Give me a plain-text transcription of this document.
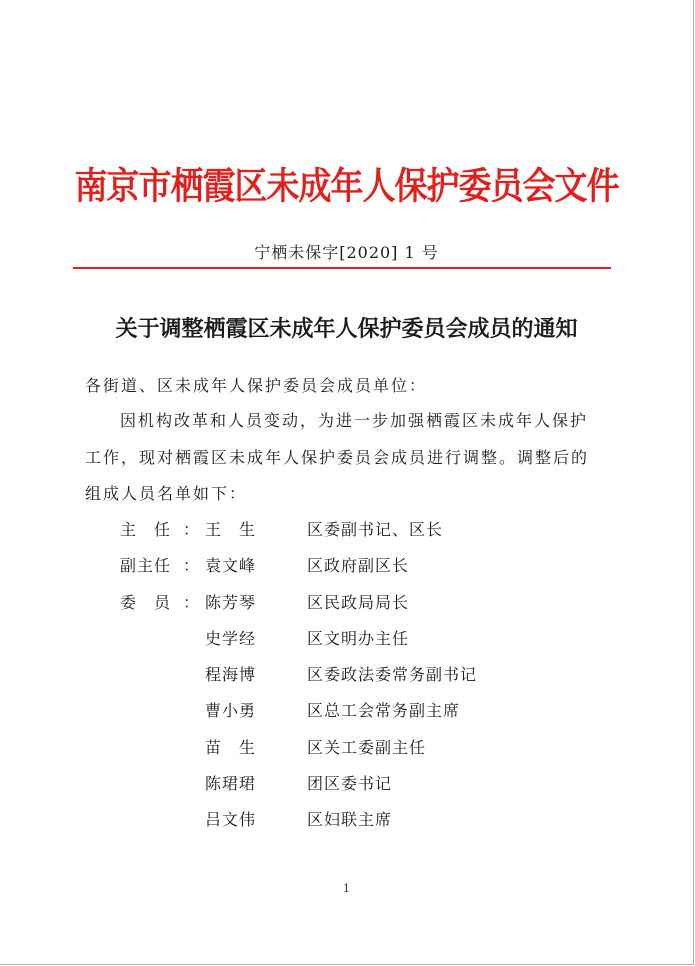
南京市栖霞区未成年人保护委员会文件
宁栖未保字[2020] 1 号
关于调整栖霞区未成年人保护委员会成员的通知
各街道、区未成年人保护委员会成员单位：
因机构改革和人员变动，为进一步加强栖霞区未成年人保护
工作，现对栖霞区未成年人保护委员会成员进行调整。调整后的
组成人员名单如下：
主　任 ： 王　生	区委副书记、区长
副主任 ： 袁文峰	区政府副区长
委　员 ： 陈芳琴	区民政局局长
史学经	区文明办主任
程海博	区委政法委常务副书记
曹小勇	区总工会常务副主席
苗　生	区关工委副主任
陈珺珺	团区委书记
吕文伟	区妇联主席
1
